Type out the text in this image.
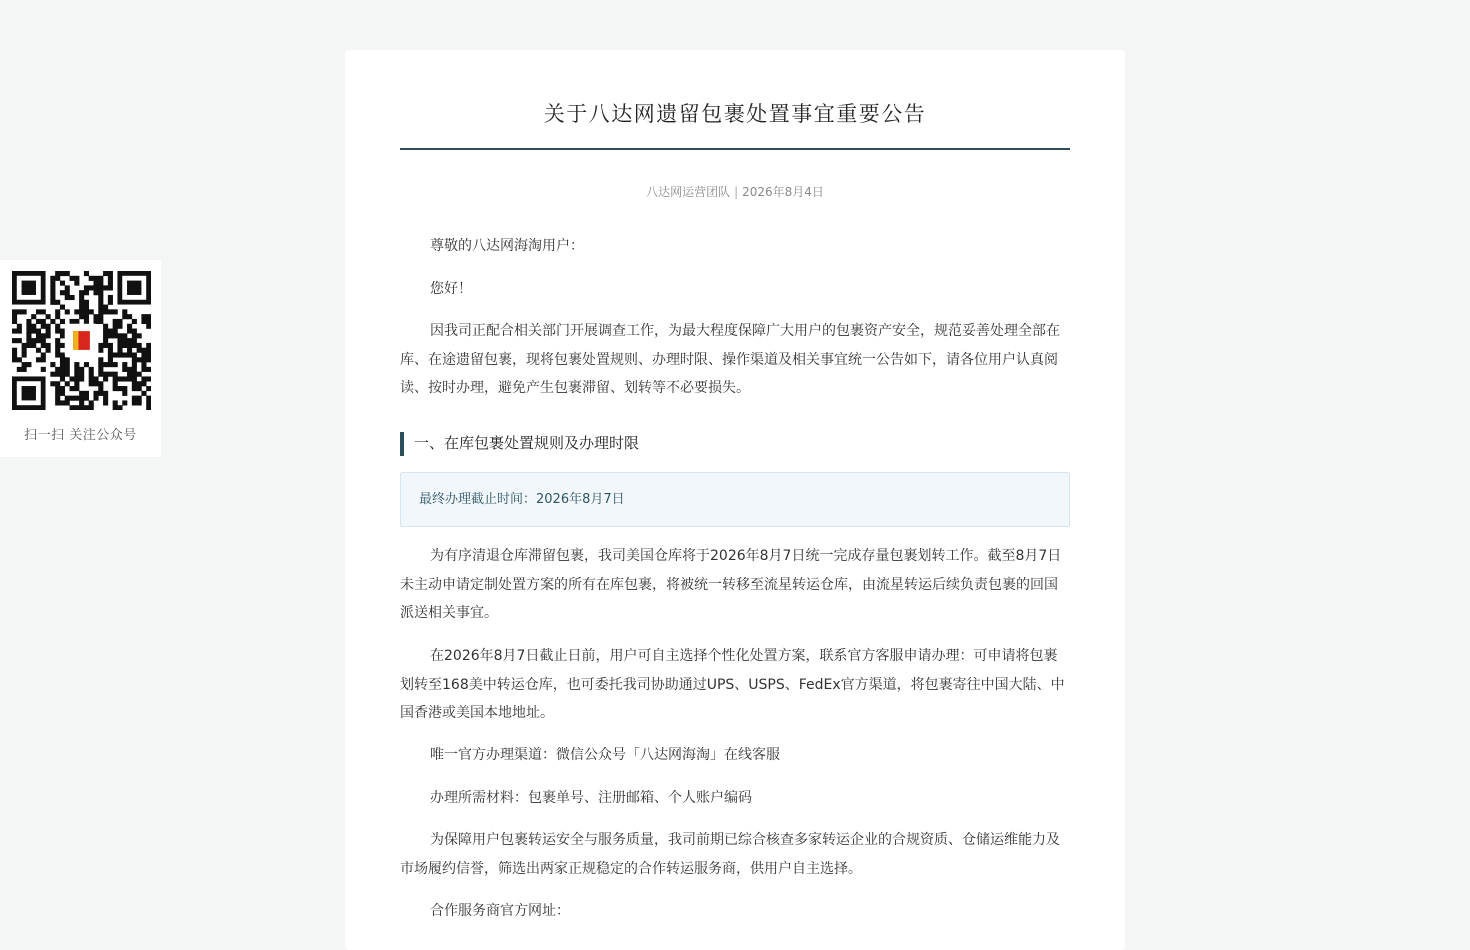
扫一扫 关注公众号
关于八达网遗留包裹处置事宜重要公告
八达网运营团队 | 2026年8月4日

尊敬的八达网海淘用户：

您好！

因我司正配合相关部门开展调查工作，为最大程度保障广大用户的包裹资产安全，规范妥善处理全部在库、在途遗留包裹，现将包裹处置规则、办理时限、操作渠道及相关事宜统一公告如下，请各位用户认真阅读、按时办理，避免产生包裹滞留、划转等不必要损失。

一、在库包裹处置规则及办理时限
最终办理截止时间：2026年8月7日

为有序清退仓库滞留包裹，我司美国仓库将于2026年8月7日统一完成存量包裹划转工作。截至8月7日未主动申请定制处置方案的所有在库包裹，将被统一转移至流星转运仓库，由流星转运后续负责包裹的回国派送相关事宜。

在2026年8月7日截止日前，用户可自主选择个性化处置方案，联系官方客服申请办理：可申请将包裹划转至168美中转运仓库，也可委托我司协助通过UPS、USPS、FedEx官方渠道，将包裹寄往中国大陆、中国香港或美国本地地址。

唯一官方办理渠道：微信公众号「八达网海淘」在线客服

办理所需材料：包裹单号、注册邮箱、个人账户编码

为保障用户包裹转运安全与服务质量，我司前期已综合核查多家转运企业的合规资质、仓储运维能力及市场履约信誉，筛选出两家正规稳定的合作转运服务商，供用户自主选择。

合作服务商官方网址：
